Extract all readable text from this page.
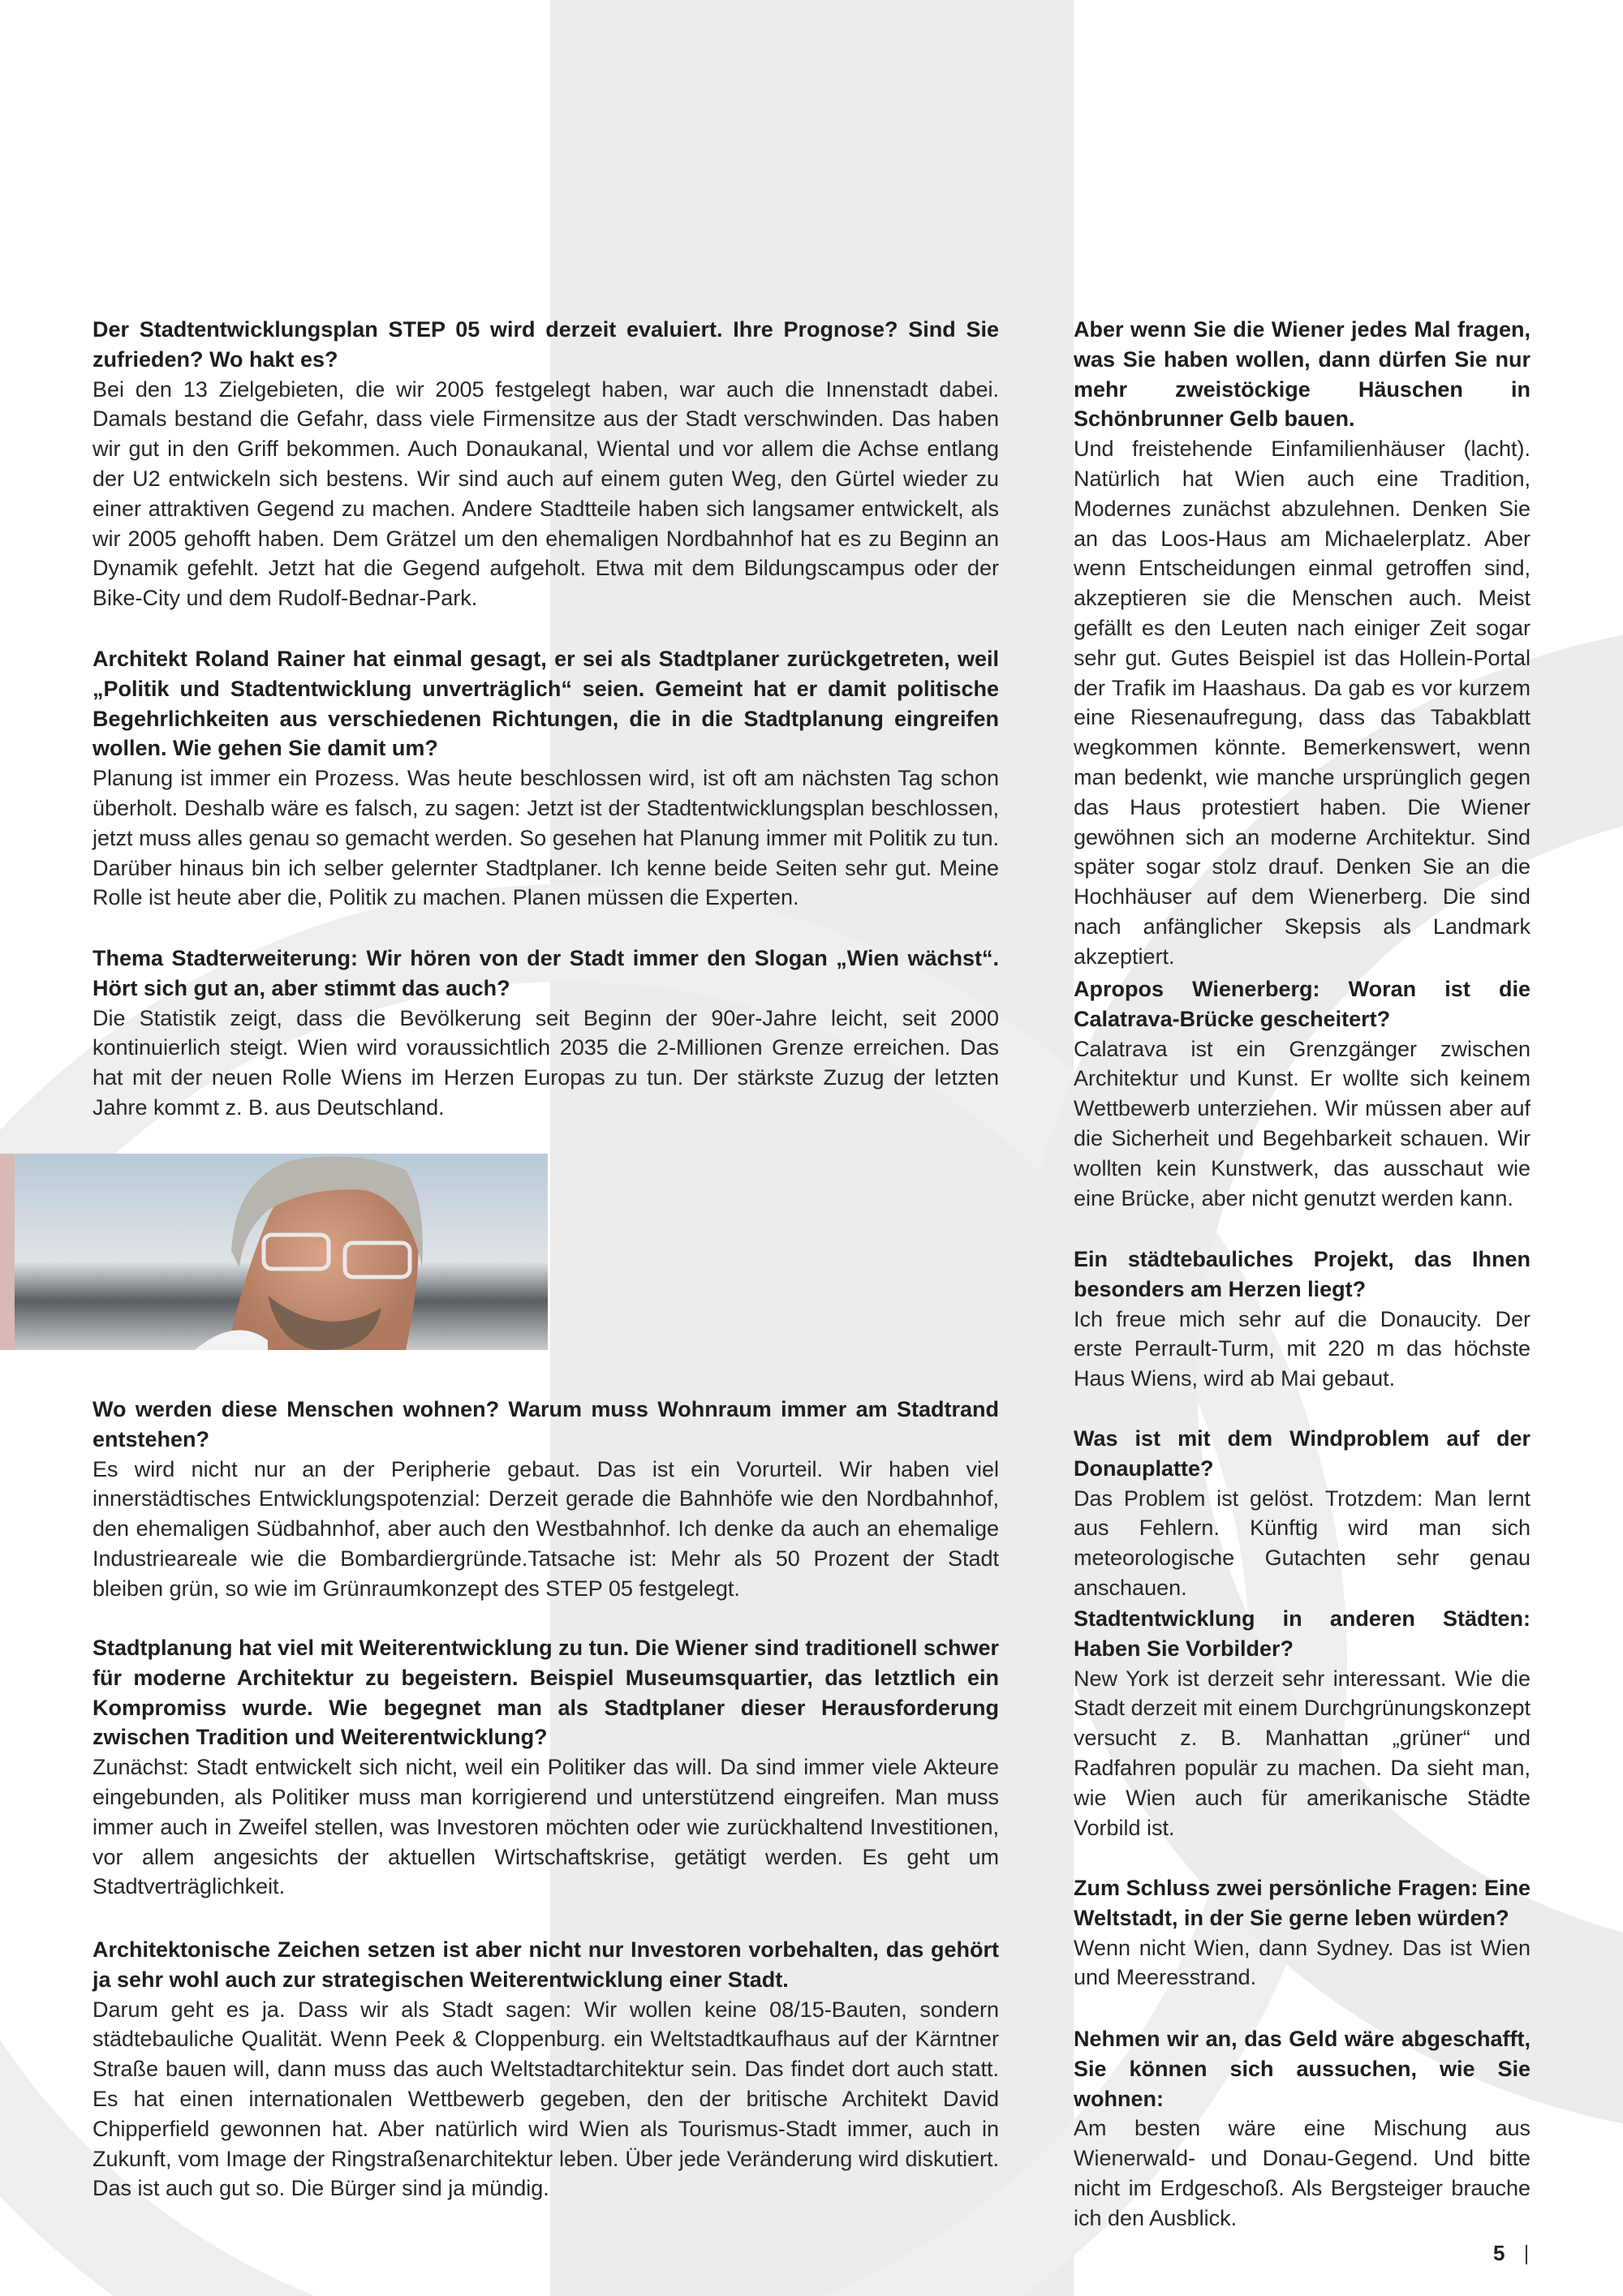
Der Stadtentwicklungsplan STEP 05 wird derzeit evaluiert. Ihre Prognose? Sind Sie zufrieden? Wo hakt es?

Bei den 13 Zielgebieten, die wir 2005 festgelegt haben, war auch die Innenstadt dabei. Damals bestand die Gefahr, dass viele Firmensitze aus der Stadt verschwinden. Das haben wir gut in den Griff bekommen. Auch Donaukanal, Wiental und vor allem die Achse entlang der U2 entwickeln sich bestens. Wir sind auch auf einem guten Weg, den Gürtel wieder zu einer attraktiven Gegend zu machen. Andere Stadtteile haben sich langsamer entwickelt, als wir 2005 gehofft haben. Dem Grätzel um den ehemaligen Nordbahnhof hat es zu Beginn an Dynamik gefehlt. Jetzt hat die Gegend aufgeholt. Etwa mit dem Bildungscampus oder der Bike-City und dem Rudolf-Bednar-Park.

Architekt Roland Rainer hat einmal gesagt, er sei als Stadtplaner zurückgetreten, weil „Politik und Stadtentwicklung unverträglich“ seien. Gemeint hat er damit politische Begehrlichkeiten aus verschiedenen Richtungen, die in die Stadtplanung eingreifen wollen. Wie gehen Sie damit um?

Planung ist immer ein Prozess. Was heute beschlossen wird, ist oft am nächsten Tag schon überholt. Deshalb wäre es falsch, zu sagen: Jetzt ist der Stadtentwicklungsplan beschlossen, jetzt muss alles genau so gemacht werden. So gesehen hat Planung immer mit Politik zu tun. Darüber hinaus bin ich selber gelernter Stadtplaner. Ich kenne beide Seiten sehr gut. Meine Rolle ist heute aber die, Politik zu machen. Planen müssen die Experten.

Thema Stadterweiterung: Wir hören von der Stadt immer den Slogan „Wien wächst“. Hört sich gut an, aber stimmt das auch?

Die Statistik zeigt, dass die Bevölkerung seit Beginn der 90er-Jahre leicht, seit 2000 kontinuierlich steigt. Wien wird voraussichtlich 2035 die 2-Millionen Grenze erreichen. Das hat mit der neuen Rolle Wiens im Herzen Europas zu tun. Der stärkste Zuzug der letzten Jahre kommt z. B. aus Deutschland.

Wo werden diese Menschen wohnen? Warum muss Wohnraum immer am Stadtrand entstehen?

Es wird nicht nur an der Peripherie gebaut. Das ist ein Vorurteil. Wir haben viel innerstädtisches Entwicklungspotenzial: Derzeit gerade die Bahnhöfe wie den Nordbahnhof, den ehemaligen Südbahnhof, aber auch den Westbahnhof. Ich denke da auch an ehemalige Industrieareale wie die Bombardiergründe.Tatsache ist: Mehr als 50 Prozent der Stadt bleiben grün, so wie im Grünraumkonzept des STEP 05 festgelegt.

Stadtplanung hat viel mit Weiterentwicklung zu tun. Die Wiener sind traditionell schwer für moderne Architektur zu begeistern. Beispiel Museumsquartier, das letztlich ein Kompromiss wurde. Wie begegnet man als Stadtplaner dieser Herausforderung zwischen Tradition und Weiterentwicklung?

Zunächst: Stadt entwickelt sich nicht, weil ein Politiker das will. Da sind immer viele Akteure eingebunden, als Politiker muss man korrigierend und unterstützend eingreifen. Man muss immer auch in Zweifel stellen, was Investoren möchten oder wie zurückhaltend Investitionen, vor allem angesichts der aktuellen Wirtschaftskrise, getätigt werden. Es geht um Stadtverträglichkeit.

Architektonische Zeichen setzen ist aber nicht nur Investoren vorbehalten, das gehört ja sehr wohl auch zur strategischen Weiterentwicklung einer Stadt.

Darum geht es ja. Dass wir als Stadt sagen: Wir wollen keine 08/15-Bauten, sondern städtebauliche Qualität. Wenn Peek & Cloppenburg. ein Weltstadtkaufhaus auf der Kärntner Straße bauen will, dann muss das auch Weltstadtarchitektur sein. Das findet dort auch statt. Es hat einen internationalen Wettbewerb gegeben, den der britische Architekt David Chipperfield gewonnen hat. Aber natürlich wird Wien als Tourismus-Stadt immer, auch in Zukunft, vom Image der Ringstraßenarchitektur leben. Über jede Veränderung wird diskutiert. Das ist auch gut so. Die Bürger sind ja mündig.

Aber wenn Sie die Wiener jedes Mal fragen, was Sie haben wollen, dann dürfen Sie nur mehr zweistöckige Häuschen in Schönbrunner Gelb bauen.

Und freistehende Einfamilienhäuser (lacht). Natürlich hat Wien auch eine Tradition, Modernes zunächst abzulehnen. Denken Sie an das Loos-Haus am Michaelerplatz. Aber wenn Entscheidungen einmal getroffen sind, akzeptieren sie die Menschen auch. Meist gefällt es den Leuten nach einiger Zeit sogar sehr gut. Gutes Beispiel ist das Hollein-Portal der Trafik im Haashaus. Da gab es vor kurzem eine Riesenaufregung, dass das Tabakblatt wegkommen könnte. Bemerkenswert, wenn man bedenkt, wie manche ursprünglich gegen das Haus protestiert haben. Die Wiener gewöhnen sich an moderne Architektur. Sind später sogar stolz drauf. Denken Sie an die Hochhäuser auf dem Wienerberg. Die sind nach anfänglicher Skepsis als Landmark akzeptiert.

Apropos Wienerberg: Woran ist die Calatrava-Brücke gescheitert?

Calatrava ist ein Grenzgänger zwischen Architektur und Kunst. Er wollte sich keinem Wettbewerb unterziehen. Wir müssen aber auf die Sicherheit und Begehbarkeit schauen. Wir wollten kein Kunstwerk, das ausschaut wie eine Brücke, aber nicht genutzt werden kann.

Ein städtebauliches Projekt, das Ihnen besonders am Herzen liegt?

Ich freue mich sehr auf die Donaucity. Der erste Perrault-Turm, mit 220 m das höchste Haus Wiens, wird ab Mai gebaut.

Was ist mit dem Windproblem auf der Donauplatte?

Das Problem ist gelöst. Trotzdem: Man lernt aus Fehlern. Künftig wird man sich meteorologische Gutachten sehr genau anschauen.

Stadtentwicklung in anderen Städten: Haben Sie Vorbilder?

New York ist derzeit sehr interessant. Wie die Stadt derzeit mit einem Durchgrünungskonzept versucht z. B. Manhattan „grüner“ und Radfahren populär zu machen. Da sieht man, wie Wien auch für amerikanische Städte Vorbild ist.

Zum Schluss zwei persönliche Fragen: Eine Weltstadt, in der Sie gerne leben würden?

Wenn nicht Wien, dann Sydney. Das ist Wien und Meeresstrand.

Nehmen wir an, das Geld wäre abgeschafft, Sie können sich aussuchen, wie Sie wohnen:

Am besten wäre eine Mischung aus Wienerwald- und Donau-Gegend. Und bitte nicht im Erdgeschoß. Als Bergsteiger brauche ich den Ausblick.

5
